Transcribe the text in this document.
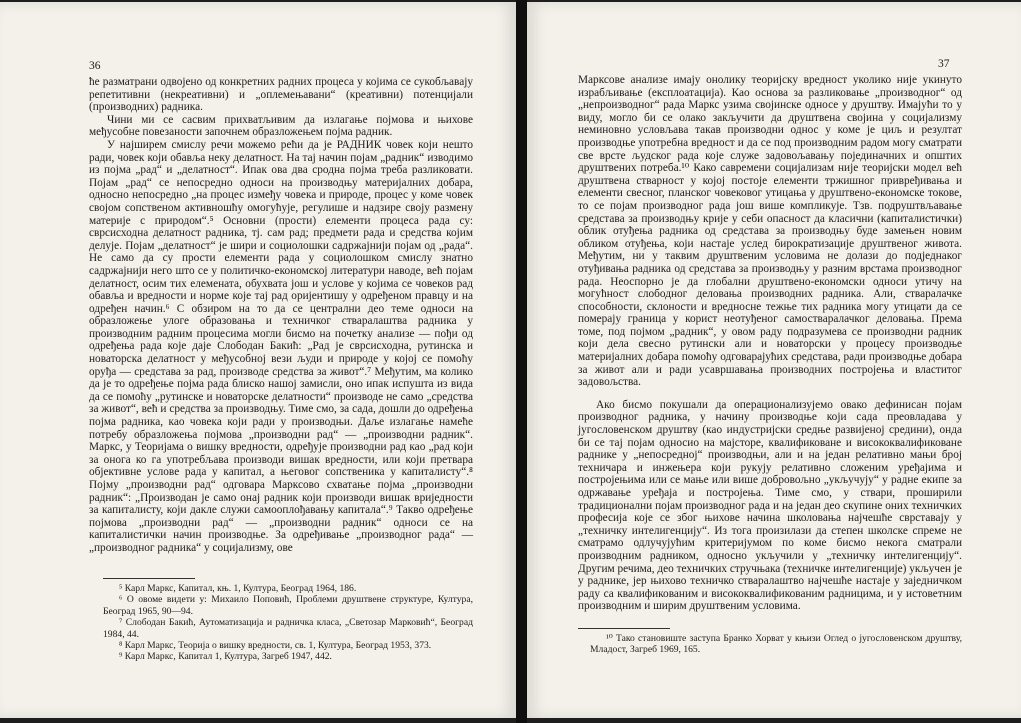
36

ће разматрани одвојено од конкретних радних процеса у којима се сукобљавају репетитивни (некреативни) и „оплемењавани“ (креативни) потенцијали (производних) радника.

Чини ми се сасвим прихватљивим да излагање појмова и њихове међусобне повезаности започнем образложењем појма радник.

У најширем смислу речи можемо рећи да је РАДНИК човек који нешто ради, човек који обавља неку делатност. На тај начин појам „радник“ изводимо из појма „рад“ и „делатност“. Ипак ова два сродна појма треба разликовати. Појам „рад“ се непосредно односи на производњу материјалних добара, односно непосредно „на процес између човека и природе, процес у коме човек својом сопственом активношћу омогућује, регулише и надзире своју размену материје с природом“.⁵ Основни (прости) елементи процеса рада су: сврсисходна делатност радника, тј. сам рад; предмети рада и средства којим делује. Појам „делатност“ је шири и социолошки садржајнији појам од „рада“. Не само да су прости елементи рада у социолошком смислу знатно садржајнији него што се у политичко-економској литератури наводе, већ појам делатност, осим тих елемената, обухвата још и услове у којима се човеков рад обавља и вредности и норме које тај рад оријентишу у одређеном правцу и на одређен начин.⁶ С обзиром на то да се централни део теме односи на образложење улоге образовања и техничког стваралаштва радника у производним радним процесима могли бисмо на почетку анализе — пођи од одређења рада које даје Слободан Бакић: „Рад је сврсисходна, рутинска и новаторска делатност у међусобној вези људи и природе у којој се помоћу оруђа — средстава за рад, производе средства за живот“.⁷ Међутим, ма колико да је то одређење појма рада блиско нашој замисли, оно ипак испушта из вида да се помоћу „рутинске и новаторске делатности“ производе не само „средства за живот“, већ и средства за производњу. Тиме смо, за сада, дошли до одређења појма радника, као човека који ради у производњи. Даље излагање намеће потребу образложења појмова „производни рад“ — „производни радник“. Маркс, у Теоријама о вишку вредности, одређује производни рад као „рад који за онога ко га употребљава производи вишак вредности, или који претвара објективне услове рада у капитал, а његовог сопственика у капиталисту“.⁸ Појму „производни рад“ одговара Марксово схватање појма „производни радник“: „Производан је само онај радник који производи вишак вриједности за капиталисту, који дакле служи самооплођавању капитала“.⁹ Такво одређење појмова „производни рад“ — „производни радник“ односи се на капиталистички начин производње. За одређивање „производног рада“ — „производног радника“ у социјализму, ове

⁵ Карл Маркс, Капитал, књ. 1, Култура, Београд 1964, 186.
⁶ О овоме видети у: Михаило Поповић, Проблеми друштвене структуре, Култура, Београд 1965, 90—94.
⁷ Слободан Бакић, Аутоматизација и радничка класа, „Светозар Марковић“, Београд 1984, 44.
⁸ Карл Маркс, Теорија о вишку вредности, св. 1, Култура, Београд 1953, 373.
⁹ Карл Маркс, Капитал 1, Култура, Загреб 1947, 442.
37

Марксове анализе имају онолику теоријску вредност уколико није укинуто израбљивање (експлоатација). Као основа за разликовање „производног“ од „непроизводног“ рада Маркс узима својинске односе у друштву. Имајући то у виду, могло би се олако закључити да друштвена својина у социјализму неминовно условљава такав производни однос у коме је циљ и резултат производње употребна вредност и да се под производним радом могу сматрати све врсте људског рада које служе задовољавању појединачних и општих друштвених потреба.¹⁰ Како савремени социјализам није теоријски модел већ друштвена стварност у којој постоје елементи тржишног привређивања и елементи свесног, планског човековог утицања у друштвено-економске токове, то се појам производног рада још више компликује. Тзв. подруштвљавање средстава за производњу крије у себи опасност да класични (капиталистички) облик отуђења радника од средстава за производњу буде замењен новим обликом отуђења, који настаје услед бирократизације друштвеног живота. Међутим, ни у таквим друштвеним условима не долази до подједнаког отуђивања радника од средстава за производњу у разним врстама производног рада. Неоспорно је да глобални друштвено-економски односи утичу на могућност слободног деловања производних радника. Али, стваралачке способности, склоности и вредносне тежње тих радника могу утицати да се померају граница у корист неотуђеног самостваралачког деловања. Према томе, под појмом „радник“, у овом раду подразумева се производни радник који дела свесно рутински али и новаторски у процесу производње материјалних добара помоћу одговарајућих средстава, ради производње добара за живот али и ради усавршавања производних постројења и властитог задовољства.

Ако бисмо покушали да операционализујемо овако дефинисан појам производног радника, у начину производње који сада преовладава у југословенском друштву (као индустријски средње развијеној средини), онда би се тај појам односио на мајсторе, квалификоване и висококвалификоване раднике у „непосредној“ производњи, али и на један релативно мањи број техничара и инжењера који рукују релативно сложеним уређајима и постројењима или се мање или више добровољно „укључују“ у радне екипе за одржавање уређаја и постројења. Тиме смо, у ствари, проширили традиционални појам производног рада и на један део скупине оних техничких професија које се због њихове начина школовања најчешће сврставају у „техничку интелигенцију“. Из тога произилази да степен школске спреме не сматрамо одлучујућим критеријумом по коме бисмо некога сматрали производним радником, односно укључили у „техничку интелигенцију“. Другим речима, део техничких стручњака (техничке интелигенције) укључен је у раднике, јер њихово техничко стваралаштво најчешће настаје у заједничком раду са квалификованим и висококвалификованим радницима, и у истоветним производним и ширим друштвеним условима.

¹⁰ Тако становиште заступа Бранко Хорват у књизи Оглед о југословенском друштву, Младост, Загреб 1969, 165.
